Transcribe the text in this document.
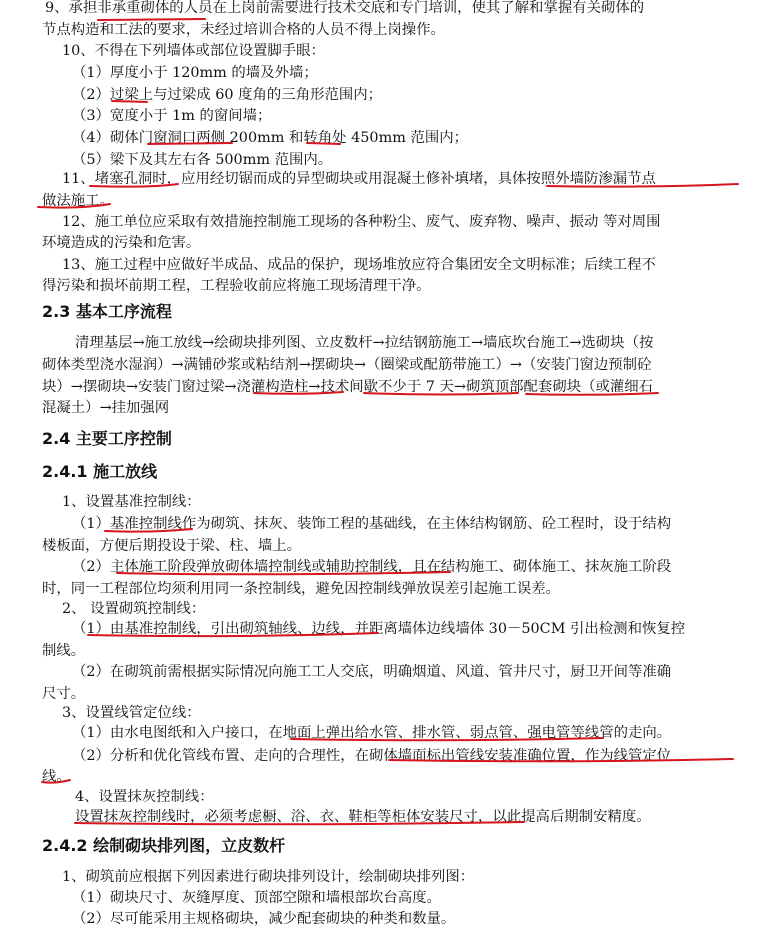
9、承担非承重砌体的人员在上岗前需要进行技术交底和专门培训，使其了解和掌握有关砌体的
节点构造和工法的要求，未经过培训合格的人员不得上岗操作。
10、不得在下列墙体或部位设置脚手眼：
（1）厚度小于 120mm 的墙及外墙；
（2）过梁上与过梁成 60 度角的三角形范围内；
（3）宽度小于 1m 的窗间墙；
（4）砌体门窗洞口两侧 200mm 和转角处 450mm 范围内；
（5）梁下及其左右各 500mm 范围内。
11、堵塞孔洞时，应用经切锯而成的异型砌块或用混凝土修补填堵，具体按照外墙防渗漏节点
做法施工。
12、施工单位应采取有效措施控制施工现场的各种粉尘、废气、废弃物、噪声、振动 等对周围
环境造成的污染和危害。
13、施工过程中应做好半成品、成品的保护，现场堆放应符合集团安全文明标准；后续工程不
得污染和损坏前期工程，工程验收前应将施工现场清理干净。
2.3 基本工序流程
清理基层→施工放线→绘砌块排列图、立皮数杆→拉结钢筋施工→墙底坎台施工→选砌块（按
砌体类型浇水湿润）→满铺砂浆或粘结剂→摆砌块→（圈梁或配筋带施工）→（安装门窗边预制砼
块）→摆砌块→安装门窗过梁→浇灌构造柱→技术间歇不少于 7 天→砌筑顶部配套砌块（或灌细石
混凝土）→挂加强网
2.4 主要工序控制
2.4.1 施工放线
1、设置基准控制线：
（1）基准控制线作为砌筑、抹灰、装饰工程的基础线，在主体结构钢筋、砼工程时，设于结构
楼板面，方便后期投设于梁、柱、墙上。
（2）主体施工阶段弹放砌体墙控制线或辅助控制线，且在结构施工、砌体施工、抹灰施工阶段
时，同一工程部位均须利用同一条控制线，避免因控制线弹放误差引起施工误差。
2、 设置砌筑控制线：
（1）由基准控制线，引出砌筑轴线、边线，并距离墙体边线墙体 30－50CM 引出检测和恢复控
制线。
（2）在砌筑前需根据实际情况向施工工人交底，明确烟道、风道、管井尺寸，厨卫开间等准确
尺寸。
3、设置线管定位线：
（1）由水电图纸和入户接口，在地面上弹出给水管、排水管、弱点管、强电管等线管的走向。
（2）分析和优化管线布置、走向的合理性，在砌体墙面标出管线安装准确位置，作为线管定位
线。
4、设置抹灰控制线：
设置抹灰控制线时，必须考虑橱、浴、衣、鞋柜等柜体安装尺寸，以此提高后期制安精度。
2.4.2 绘制砌块排列图，立皮数杆
1、砌筑前应根据下列因素进行砌块排列设计，绘制砌块排列图：
（1）砌块尺寸、灰缝厚度、顶部空隙和墙根部坎台高度。
（2）尽可能采用主规格砌块，减少配套砌块的种类和数量。
